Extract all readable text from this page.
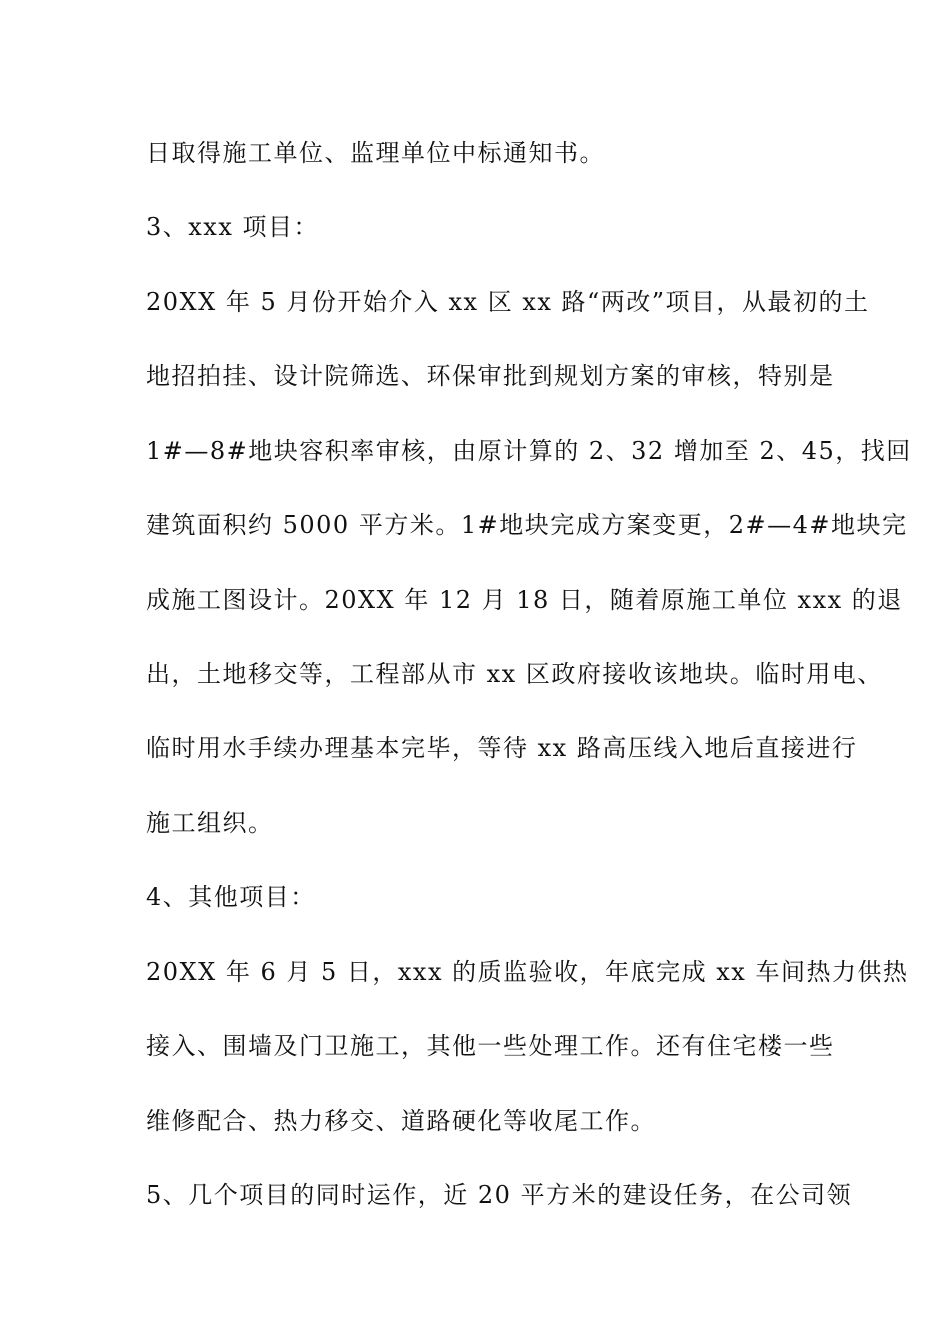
日取得施工单位、监理单位中标通知书。
3、xxx 项目：
20XX 年 5 月份开始介入 xx 区 xx 路“两改”项目，从最初的土
地招拍挂、设计院筛选、环保审批到规划方案的审核，特别是
1#—8#地块容积率审核，由原计算的 2、32 增加至 2、45，找回
建筑面积约 5000 平方米。1#地块完成方案变更，2#—4#地块完
成施工图设计。20XX 年 12 月 18 日，随着原施工单位 xxx 的退
出，土地移交等，工程部从市 xx 区政府接收该地块。临时用电、
临时用水手续办理基本完毕，等待 xx 路高压线入地后直接进行
施工组织。
4、其他项目：
20XX 年 6 月 5 日，xxx 的质监验收，年底完成 xx 车间热力供热
接入、围墙及门卫施工，其他一些处理工作。还有住宅楼一些
维修配合、热力移交、道路硬化等收尾工作。
5、几个项目的同时运作，近 20 平方米的建设任务，在公司领
